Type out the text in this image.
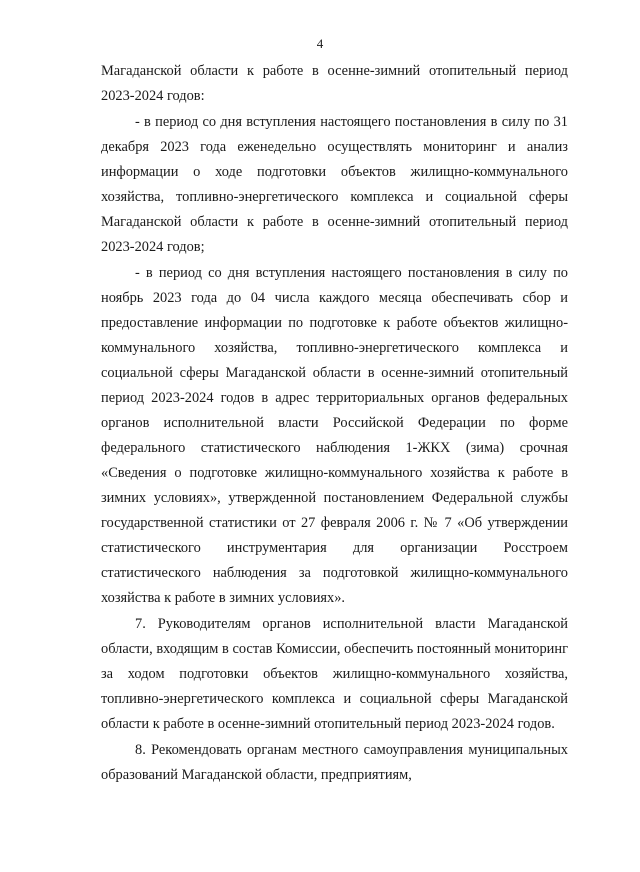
4

Магаданской области к работе в осенне-зимний отопительный период 2023-2024 годов:

- в период со дня вступления настоящего постановления в силу по 31 декабря 2023 года еженедельно осуществлять мониторинг и анализ информации о ходе подготовки объектов жилищно-коммунального хозяйства, топливно-энергетического комплекса и социальной сферы Магаданской области к работе в осенне-зимний отопительный период 2023-2024 годов;

- в период со дня вступления настоящего постановления в силу по ноябрь 2023 года до 04 числа каждого месяца обеспечивать сбор и предоставление информации по подготовке к работе объектов жилищно-коммунального хозяйства, топливно-энергетического комплекса и социальной сферы Магаданской области в осенне-зимний отопительный период 2023-2024 годов в адрес территориальных органов федеральных органов исполнительной власти Российской Федерации по форме федерального статистического наблюдения 1-ЖКХ (зима) срочная «Сведения о подготовке жилищно-коммунального хозяйства к работе в зимних условиях», утвержденной постановлением Федеральной службы государственной статистики от 27 февраля 2006 г. № 7 «Об утверждении статистического инструментария для организации Росстроем статистического наблюдения за подготовкой жилищно-коммунального хозяйства к работе в зимних условиях».

7. Руководителям органов исполнительной власти Магаданской области, входящим в состав Комиссии, обеспечить постоянный мониторинг за ходом подготовки объектов жилищно-коммунального хозяйства, топливно-энергетического комплекса и социальной сферы Магаданской области к работе в осенне-зимний отопительный период 2023-2024 годов.

8. Рекомендовать органам местного самоуправления муниципальных образований Магаданской области, предприятиям,
